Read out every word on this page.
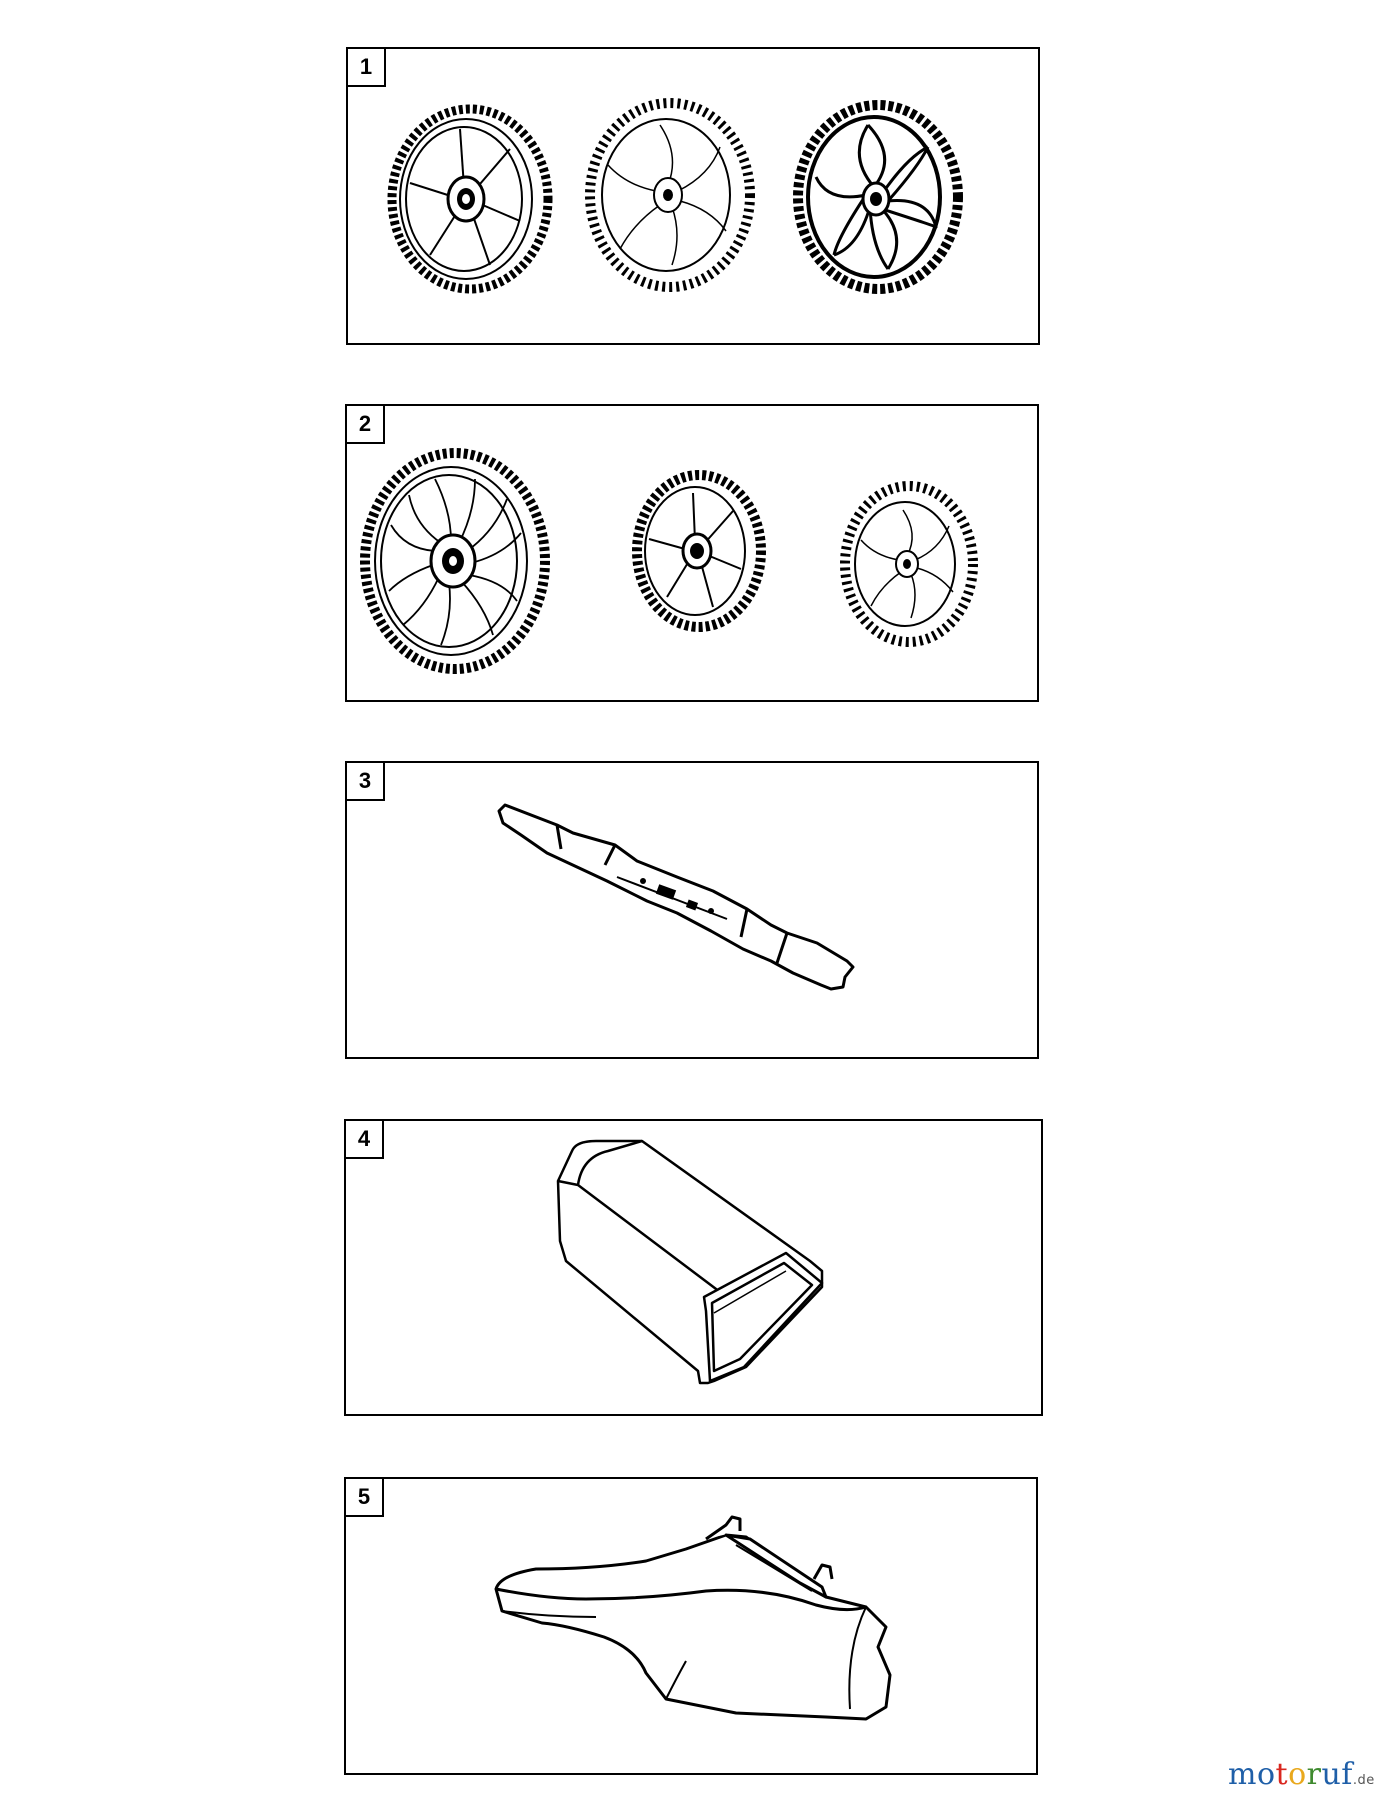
1
2
3
4
5
motoruf.de
